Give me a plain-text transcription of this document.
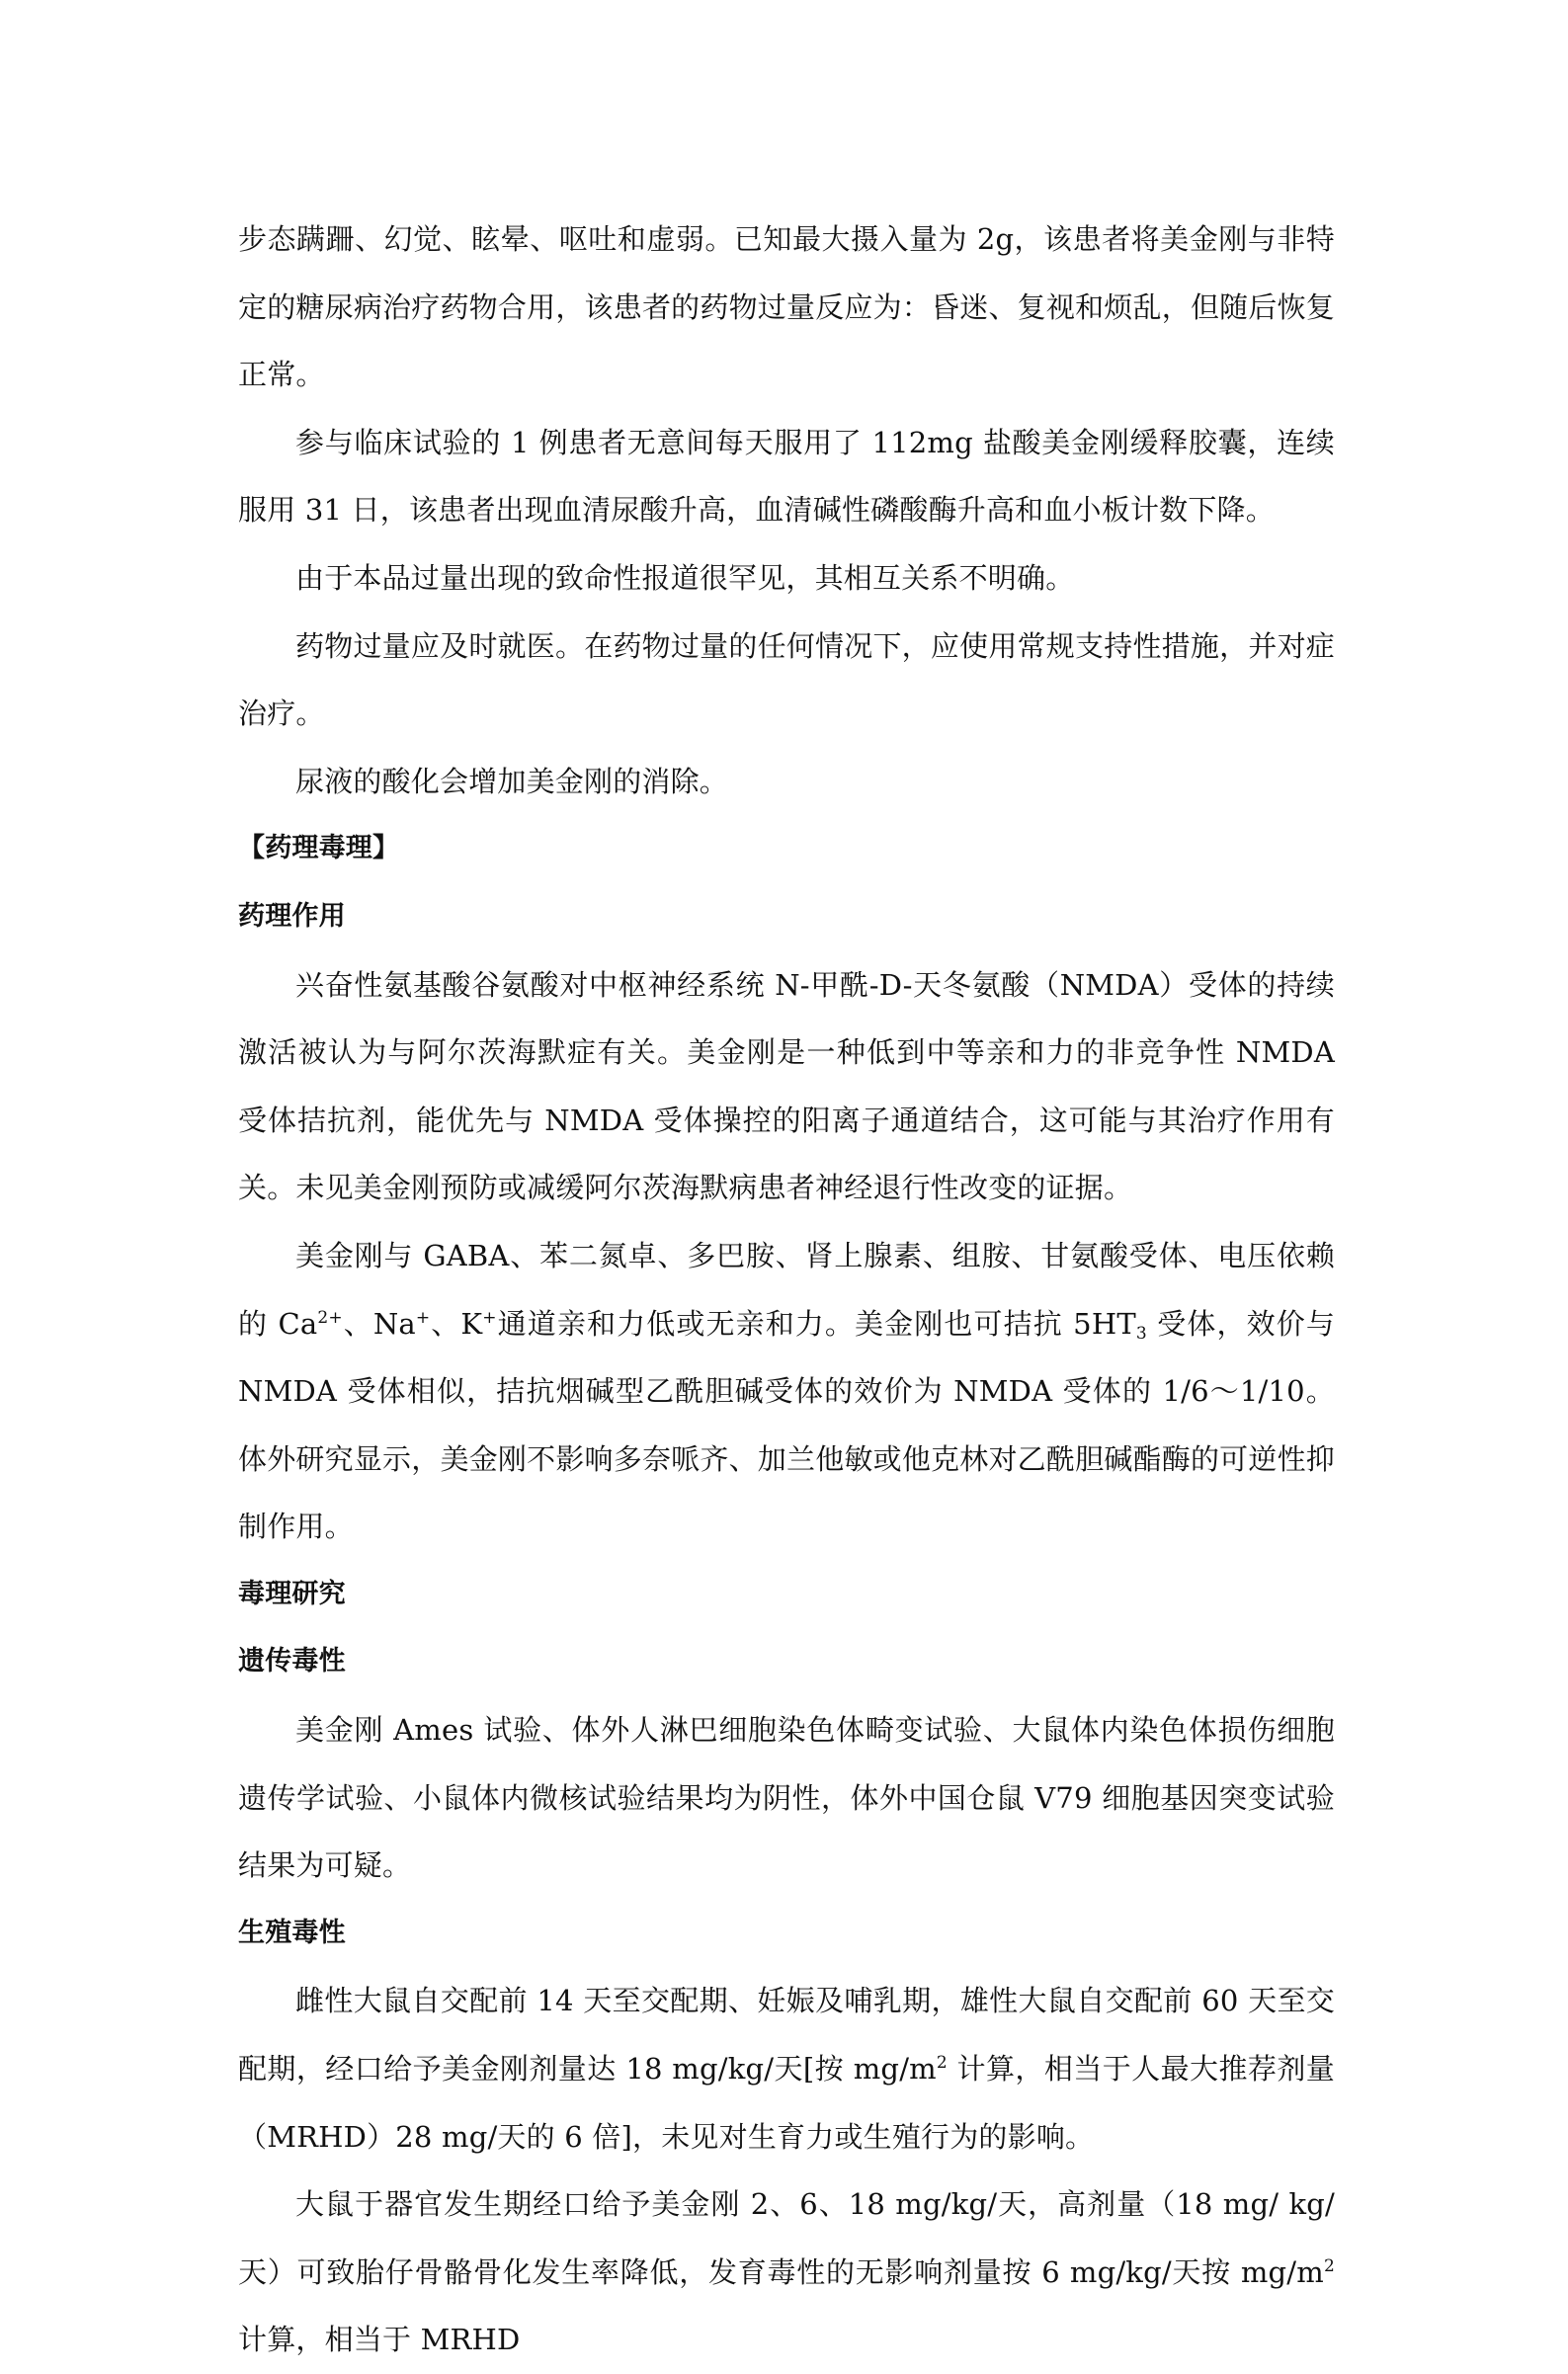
步态蹒跚、幻觉、眩晕、呕吐和虚弱。已知最大摄入量为 2g，该患者将美金刚与非特定的糖尿病治疗药物合用，该患者的药物过量反应为：昏迷、复视和烦乱，但随后恢复正常。

参与临床试验的 1 例患者无意间每天服用了 112mg 盐酸美金刚缓释胶囊，连续服用 31 日，该患者出现血清尿酸升高，血清碱性磷酸酶升高和血小板计数下降。

由于本品过量出现的致命性报道很罕见，其相互关系不明确。

药物过量应及时就医。在药物过量的任何情况下，应使用常规支持性措施，并对症治疗。

尿液的酸化会增加美金刚的消除。

【药理毒理】

药理作用

兴奋性氨基酸谷氨酸对中枢神经系统 N-甲酰-D-天冬氨酸（NMDA）受体的持续激活被认为与阿尔茨海默症有关。美金刚是一种低到中等亲和力的非竞争性 NMDA 受体拮抗剂，能优先与 NMDA 受体操控的阳离子通道结合，这可能与其治疗作用有关。未见美金刚预防或减缓阿尔茨海默病患者神经退行性改变的证据。

美金刚与 GABA、苯二氮卓、多巴胺、肾上腺素、组胺、甘氨酸受体、电压依赖的 $Ca^{2+}$、Na+、K+通道亲和力低或无亲和力。美金刚也可拮抗 $5HT_3$ 受体，效价与 NMDA 受体相似，拮抗烟碱型乙酰胆碱受体的效价为 NMDA 受体的 1/6～1/10。体外研究显示，美金刚不影响多奈哌齐、加兰他敏或他克林对乙酰胆碱酯酶的可逆性抑制作用。

毒理研究

遗传毒性

美金刚 Ames 试验、体外人淋巴细胞染色体畸变试验、大鼠体内染色体损伤细胞遗传学试验、小鼠体内微核试验结果均为阴性，体外中国仓鼠 V79 细胞基因突变试验结果为可疑。

生殖毒性

雌性大鼠自交配前 14 天至交配期、妊娠及哺乳期，雄性大鼠自交配前 60 天至交配期，经口给予美金刚剂量达 18 mg/kg/天[按 $mg/m^2$ 计算，相当于人最大推荐剂量（MRHD）28 mg/天的 6 倍]，未见对生育力或生殖行为的影响。

大鼠于器官发生期经口给予美金刚 2、6、18 mg/kg/天，高剂量（18 mg/ kg/天）可致胎仔骨骼骨化发生率降低，发育毒性的无影响剂量按 6 mg/kg/天按 $mg/m^2$ 计算，相当于 MRHD
